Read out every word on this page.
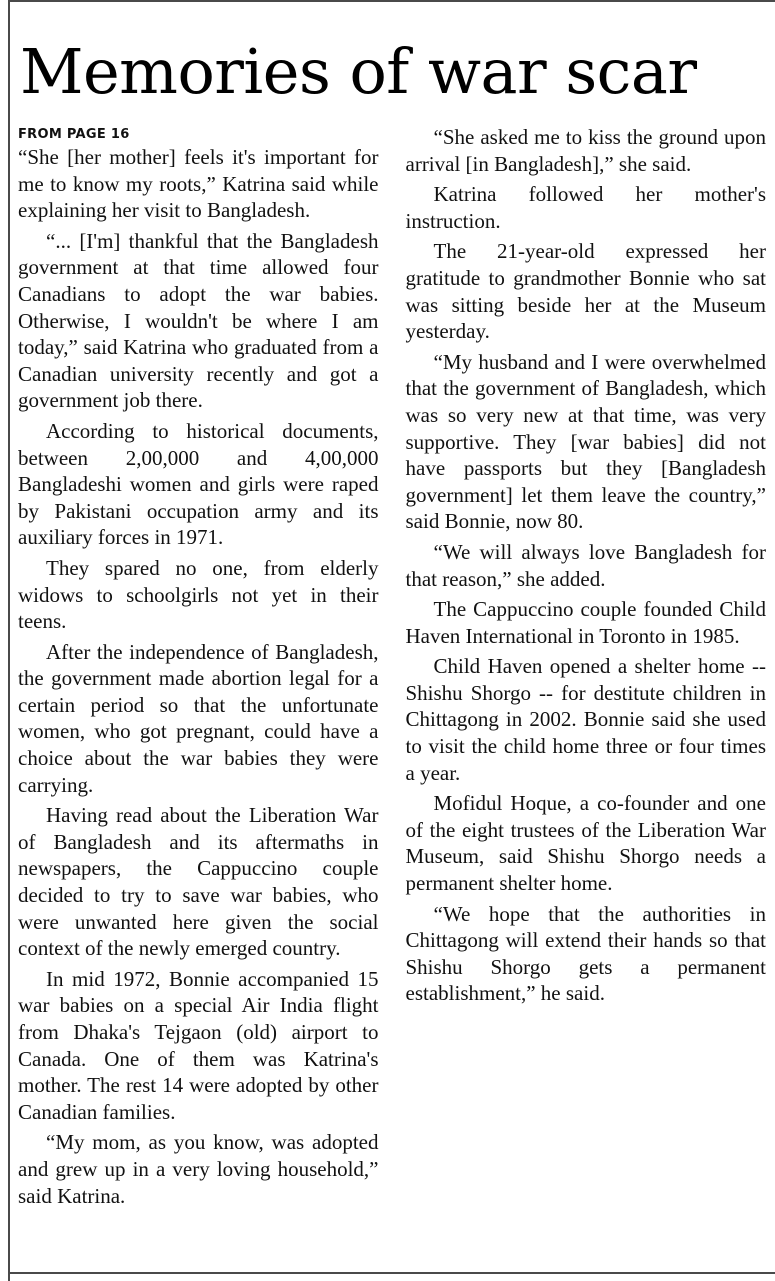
Memories of war scar
FROM PAGE 16

“She [her mother] feels it's important for me to know my roots,” Katrina said while explaining her visit to Bangladesh.

“... [I'm] thankful that the Bangladesh government at that time allowed four Canadians to adopt the war babies. Otherwise, I wouldn't be where I am today,” said Katrina who graduated from a Canadian university recently and got a government job there.

According to historical documents, between 2,00,000 and 4,00,000 Bangladeshi women and girls were raped by Pakistani occupation army and its auxiliary forces in 1971.

They spared no one, from elderly widows to schoolgirls not yet in their teens.

After the independence of Bangladesh, the government made abortion legal for a certain period so that the unfortunate women, who got pregnant, could have a choice about the war babies they were carrying.

Having read about the Liberation War of Bangladesh and its aftermaths in newspapers, the Cappuccino couple decided to try to save war babies, who were unwanted here given the social context of the newly emerged country.

In mid 1972, Bonnie accompanied 15 war babies on a special Air India flight from Dhaka's Tejgaon (old) airport to Canada. One of them was Katrina's mother. The rest 14 were adopted by other Canadian families.

“My mom, as you know, was adopted and grew up in a very loving household,” said Katrina.

“She asked me to kiss the ground upon arrival [in Bangladesh],” she said.

Katrina followed her mother's instruction.

The 21-year-old expressed her gratitude to grandmother Bonnie who sat was sitting beside her at the Museum yesterday.

“My husband and I were overwhelmed that the government of Bangladesh, which was so very new at that time, was very supportive. They [war babies] did not have passports but they [Bangladesh government] let them leave the country,” said Bonnie, now 80.

“We will always love Bangladesh for that reason,” she added.

The Cappuccino couple founded Child Haven International in Toronto in 1985.

Child Haven opened a shelter home -- Shishu Shorgo -- for destitute children in Chittagong in 2002. Bonnie said she used to visit the child home three or four times a year.

Mofidul Hoque, a co-founder and one of the eight trustees of the Liberation War Museum, said Shishu Shorgo needs a permanent shelter home.

“We hope that the authorities in Chittagong will extend their hands so that Shishu Shorgo gets a permanent establishment,” he said.
